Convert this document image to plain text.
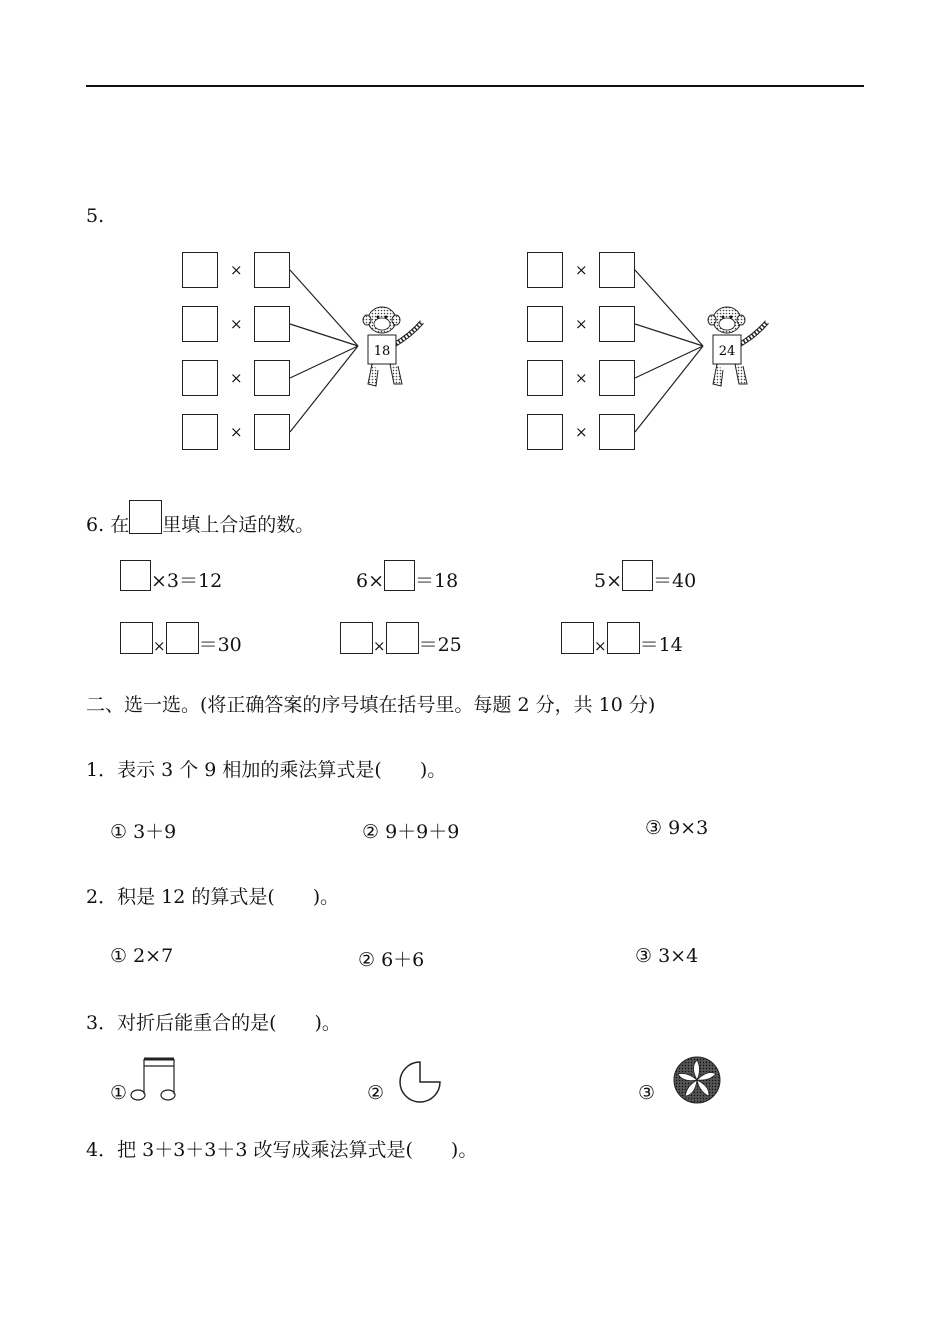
5.
×
×
×
×
18
×
×
×
×
24
6. 在 里填上合适的数。
×3＝12	6× ＝18	5× ＝40
× ＝30	× ＝25	× ＝14
二、选一选。(将正确答案的序号填在括号里。每题 2 分，共 10 分)
1．表示 3 个 9 相加的乘法算式是(　　)。
① 3＋9	② 9＋9＋9	③ 9×3
2．积是 12 的算式是(　　)。
① 2×7	② 6＋6	③ 3×4
3．对折后能重合的是(　　)。
①	②	③
4．把 3＋3＋3＋3 改写成乘法算式是(　　)。
